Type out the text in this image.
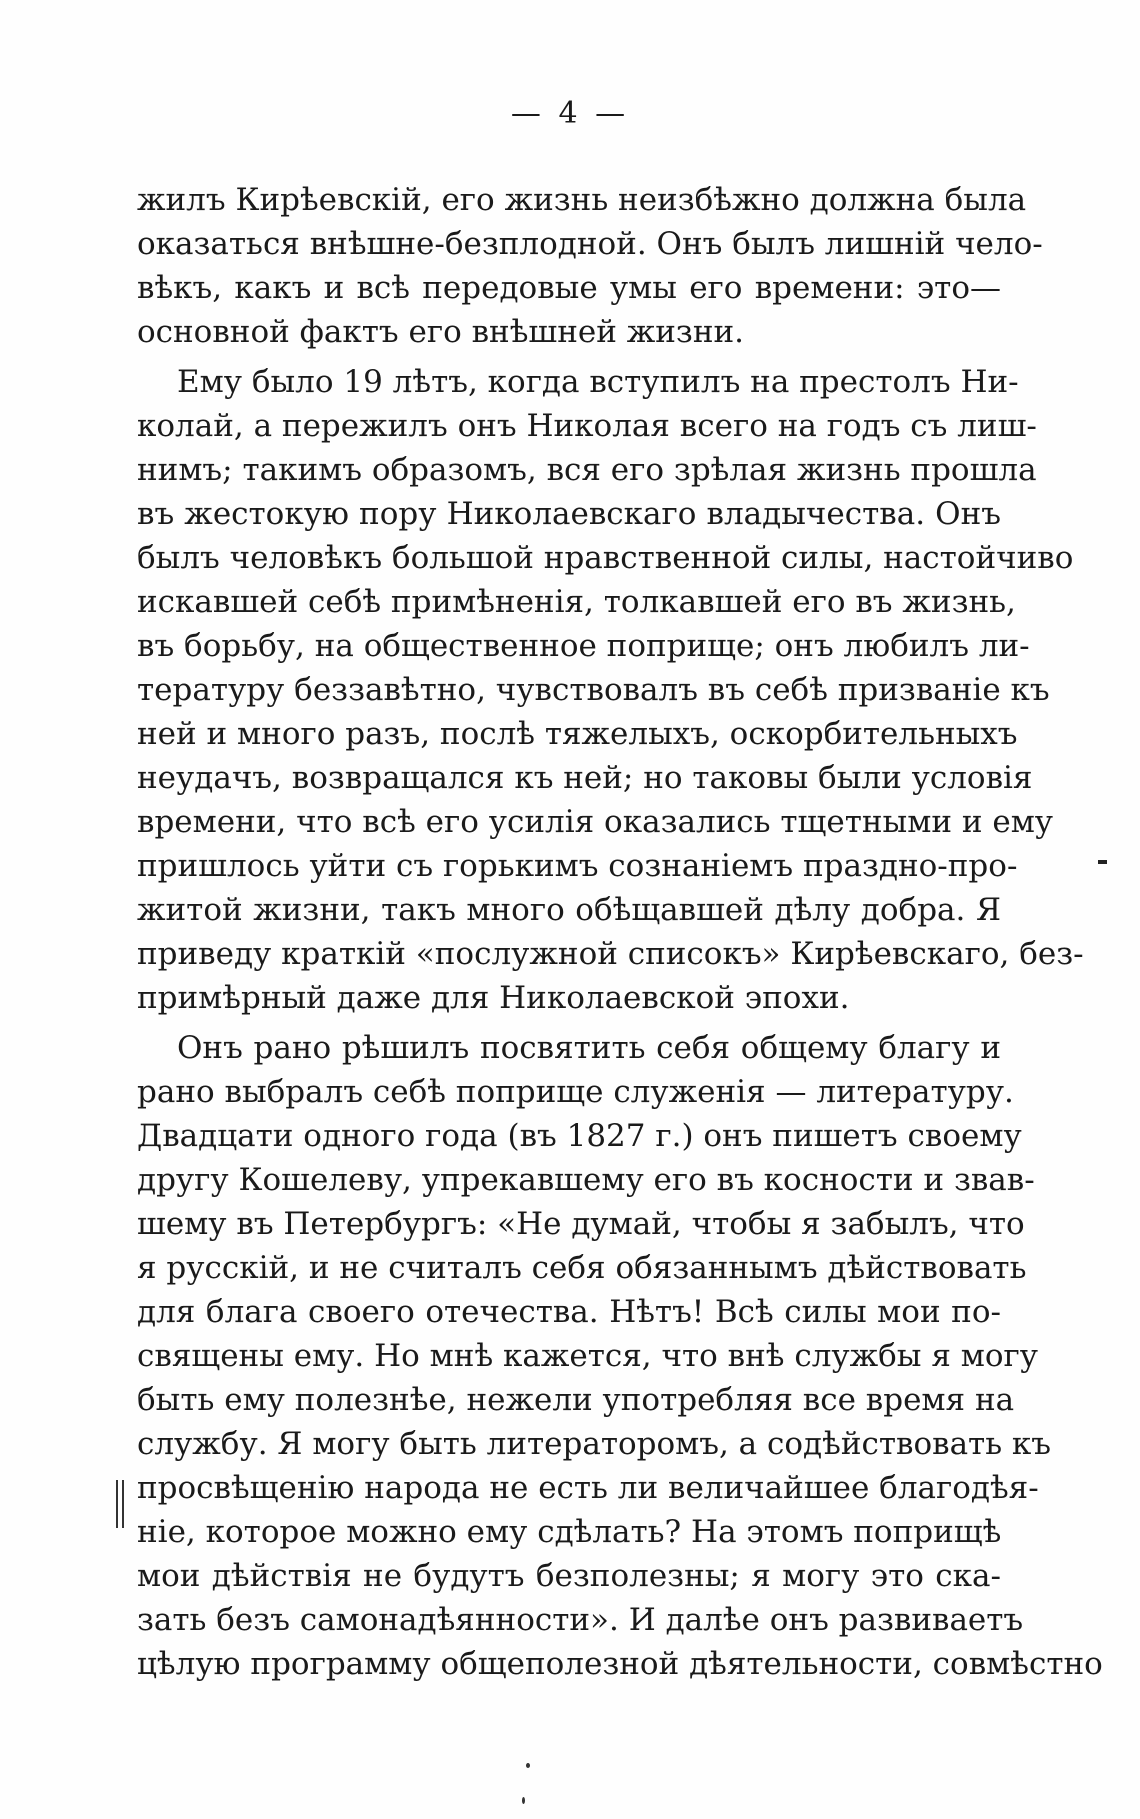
— 4 —
жилъ Кирѣевскій, его жизнь неизбѣжно должна была
оказаться внѣшне-безплодной. Онъ былъ лишній чело-
вѣкъ, какъ и всѣ передовые умы его времени: это—
основной фактъ его внѣшней жизни.
Ему было 19 лѣтъ, когда вступилъ на престолъ Ни-
колай, а пережилъ онъ Николая всего на годъ съ лиш-
нимъ; такимъ образомъ, вся его зрѣлая жизнь прошла
въ жестокую пору Николаевскаго владычества. Онъ
былъ человѣкъ большой нравственной силы, настойчиво
искавшей себѣ примѣненія, толкавшей его въ жизнь,
въ борьбу, на общественное поприще; онъ любилъ ли-
тературу беззавѣтно, чувствовалъ въ себѣ призваніе къ
ней и много разъ, послѣ тяжелыхъ, оскорбительныхъ
неудачъ, возвращался къ ней; но таковы были условія
времени, что всѣ его усилія оказались тщетными и ему
пришлось уйти съ горькимъ сознаніемъ праздно-про-
житой жизни, такъ много обѣщавшей дѣлу добра. Я
приведу краткій «послужной списокъ» Кирѣевскаго, без-
примѣрный даже для Николаевской эпохи.
Онъ рано рѣшилъ посвятить себя общему благу и
рано выбралъ себѣ поприще служенія — литературу.
Двадцати одного года (въ 1827 г.) онъ пишетъ своему
другу Кошелеву, упрекавшему его въ косности и звав-
шему въ Петербургъ: «Не думай, чтобы я забылъ, что
я русскій, и не считалъ себя обязаннымъ дѣйствовать
для блага своего отечества. Нѣтъ! Всѣ силы мои по-
священы ему. Но мнѣ кажется, что внѣ службы я могу
быть ему полезнѣе, нежели употребляя все время на
службу. Я могу быть литераторомъ, а содѣйствовать къ
просвѣщенію народа не есть ли величайшее благодѣя-
ніе, которое можно ему сдѣлать? На этомъ поприщѣ
мои дѣйствія не будутъ безполезны; я могу это ска-
зать безъ самонадѣянности». И далѣе онъ развиваетъ
цѣлую программу общеполезной дѣятельности, совмѣстно
